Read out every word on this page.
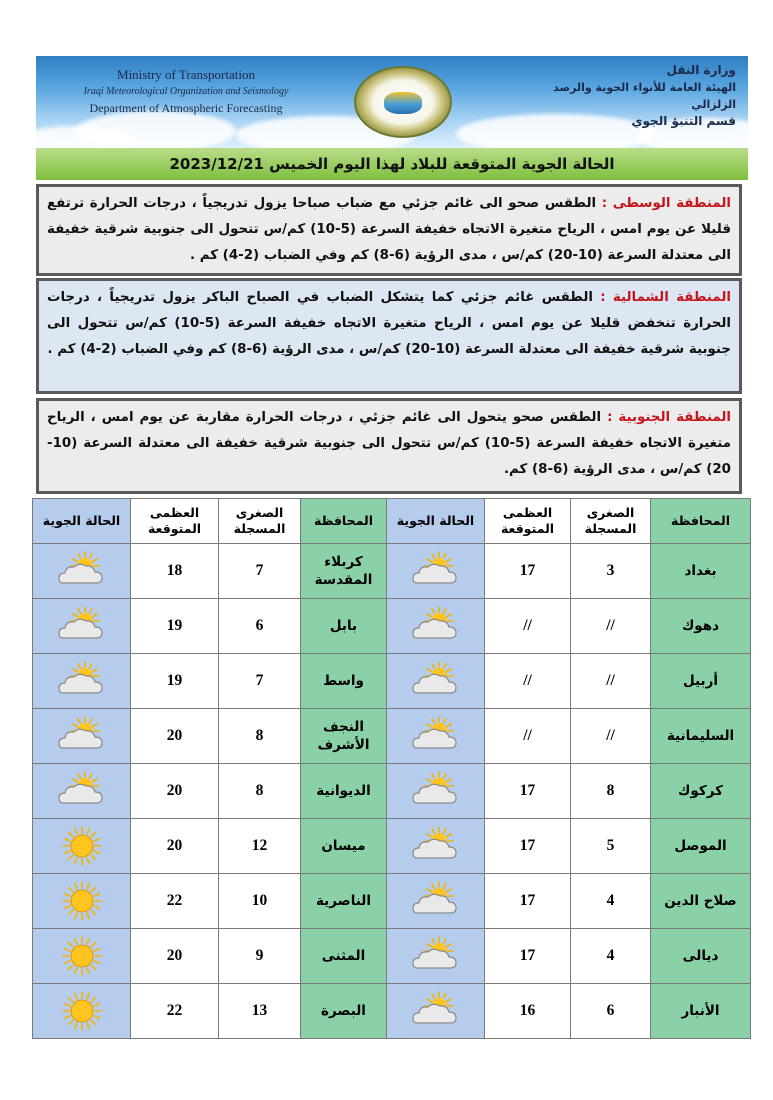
Ministry of Transportation
Iraqi Meteorological Organization and Seismology
Department of Atmospheric Forecasting
وزارة النقل
الهيئة العامة للأنواء الجوية والرصد الزلزالي
قسم التنبؤ الجوي
الحالة الجوية المتوقعة للبلاد لهذا اليوم الخميس 2023/12/21
المنطقة الوسطى : الطقس صحو الى غائم جزئي مع ضباب صباحا يزول تدريجياً ، درجات الحرارة ترتفع قليلا عن يوم امس ، الرياح متغيرة الاتجاه خفيفة السرعة (5-10) كم/س تتحول الى جنوبية شرقية خفيفة الى معتدلة السرعة (10-20) كم/س ، مدى الرؤية (6-8) كم وفي الضباب (2-4) كم .
المنطقة الشمالية : الطقس غائم جزئي كما يتشكل الضباب في الصباح الباكر يزول تدريجياً ، درجات الحرارة تنخفض قليلا عن يوم امس ، الرياح متغيرة الاتجاه خفيفة السرعة (5-10) كم/س تتحول الى جنوبية شرقية خفيفة الى معتدلة السرعة (10-20) كم/س ، مدى الرؤية (6-8) كم وفي الضباب (2-4) كم .
المنطقة الجنوبية : الطقس صحو يتحول الى غائم جزئي ، درجات الحرارة مقاربة عن يوم امس ، الرياح متغيرة الاتجاه خفيفة السرعة (5-10) كم/س تتحول الى جنوبية شرقية خفيفة الى معتدلة السرعة (10-20) كم/س ، مدى الرؤية (6-8) كم.
المحافظة	الصغرى المسجلة	العظمى المتوقعة	الحالة الجوية	المحافظة	الصغرى المسجلة	العظمى المتوقعة	الحالة الجوية
بغداد	3	17		كربلاء المقدسة	7	18	

دهوك	//	//		بابل	6	19	

أربيل	//	//		واسط	7	19	

السليمانية	//	//		النجف الأشرف	8	20	

كركوك	8	17		الديوانية	8	20	

الموصل	5	17		ميسان	12	20	

صلاح الدين	4	17		الناصرية	10	22	

ديالى	4	17		المثنى	9	20	

الأنبار	6	16		البصرة	13	22	
